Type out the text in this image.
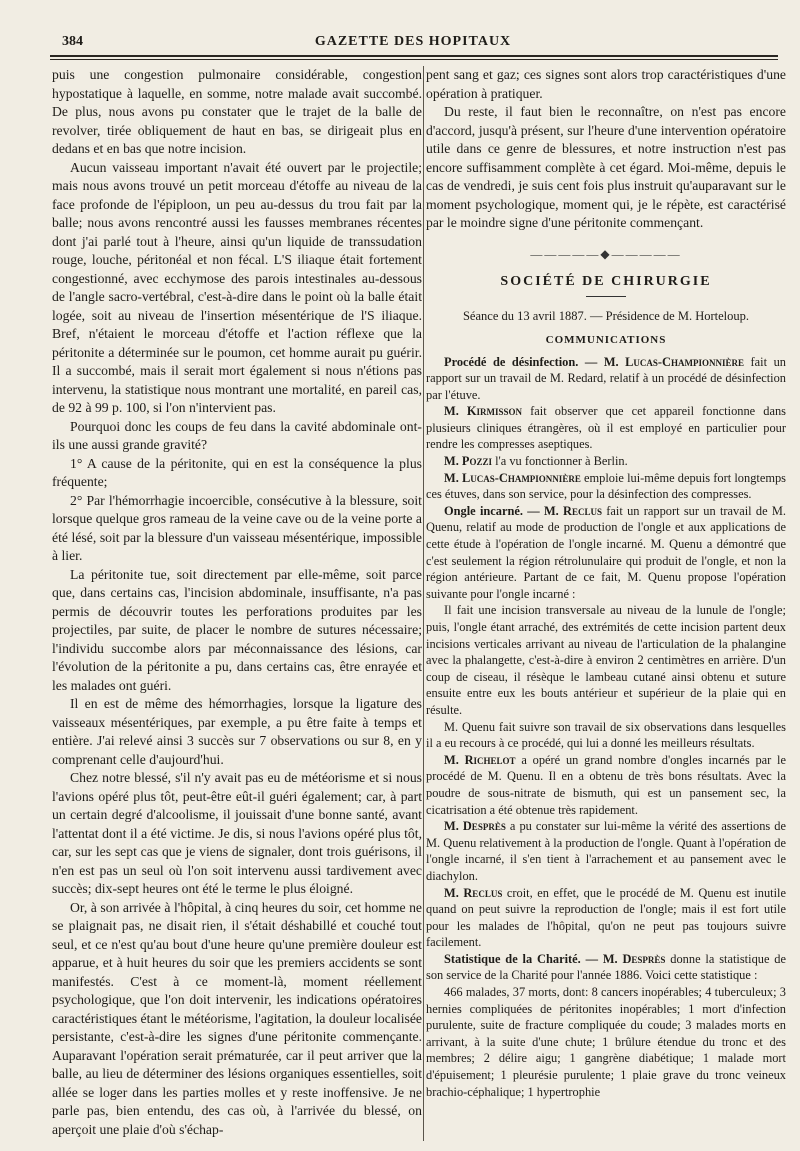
384	GAZETTE DES HOPITAUX

puis une congestion pulmonaire considérable, congestion hypostatique à laquelle, en somme, notre malade avait succombé. De plus, nous avons pu constater que le trajet de la balle de revolver, tirée obliquement de haut en bas, se dirigeait plus en dedans et en bas que notre incision.

Aucun vaisseau important n'avait été ouvert par le projectile; mais nous avons trouvé un petit morceau d'étoffe au niveau de la face profonde de l'épiploon, un peu au-dessus du trou fait par la balle; nous avons rencontré aussi les fausses membranes récentes dont j'ai parlé tout à l'heure, ainsi qu'un liquide de transsudation rouge, louche, péritonéal et non fécal. L'S iliaque était fortement congestionné, avec ecchymose des parois intestinales au-dessous de l'angle sacro-vertébral, c'est-à-dire dans le point où la balle était logée, soit au niveau de l'insertion mésentérique de l'S iliaque. Bref, n'étaient le morceau d'étoffe et l'action réflexe que la péritonite a déterminée sur le poumon, cet homme aurait pu guérir. Il a succombé, mais il serait mort également si nous n'étions pas intervenu, la statistique nous montrant une mortalité, en pareil cas, de 92 à 99 p. 100, si l'on n'intervient pas.

Pourquoi donc les coups de feu dans la cavité abdominale ont-ils une aussi grande gravité?

1° A cause de la péritonite, qui en est la conséquence la plus fréquente;

2° Par l'hémorrhagie incoercible, consécutive à la blessure, soit lorsque quelque gros rameau de la veine cave ou de la veine porte a été lésé, soit par la blessure d'un vaisseau mésentérique, impossible à lier.

La péritonite tue, soit directement par elle-même, soit parce que, dans certains cas, l'incision abdominale, insuffisante, n'a pas permis de découvrir toutes les perforations produites par les projectiles, par suite, de placer le nombre de sutures nécessaire; l'individu succombe alors par méconnaissance des lésions, car l'évolution de la péritonite a pu, dans certains cas, être enrayée et les malades ont guéri.

Il en est de même des hémorrhagies, lorsque la ligature des vaisseaux mésentériques, par exemple, a pu être faite à temps et entière. J'ai relevé ainsi 3 succès sur 7 observations ou sur 8, en y comprenant celle d'aujourd'hui.

Chez notre blessé, s'il n'y avait pas eu de météorisme et si nous l'avions opéré plus tôt, peut-être eût-il guéri également; car, à part un certain degré d'alcoolisme, il jouissait d'une bonne santé, avant l'attentat dont il a été victime. Je dis, si nous l'avions opéré plus tôt, car, sur les sept cas que je viens de signaler, dont trois guérisons, il n'en est pas un seul où l'on soit intervenu aussi tardivement avec succès; dix-sept heures ont été le terme le plus éloigné.

Or, à son arrivée à l'hôpital, à cinq heures du soir, cet homme ne se plaignait pas, ne disait rien, il s'était déshabillé et couché tout seul, et ce n'est qu'au bout d'une heure qu'une première douleur est apparue, et à huit heures du soir que les premiers accidents se sont manifestés. C'est à ce moment-là, moment réellement psychologique, que l'on doit intervenir, les indications opératoires caractéristiques étant le météorisme, l'agitation, la douleur localisée persistante, c'est-à-dire les signes d'une péritonite commençante. Auparavant l'opération serait prématurée, car il peut arriver que la balle, au lieu de déterminer des lésions organiques essentielles, soit allée se loger dans les parties molles et y reste inoffensive. Je ne parle pas, bien entendu, des cas où, à l'arrivée du blessé, on aperçoit une plaie d'où s'échap-

pent sang et gaz; ces signes sont alors trop caractéristiques d'une opération à pratiquer.

Du reste, il faut bien le reconnaître, on n'est pas encore d'accord, jusqu'à présent, sur l'heure d'une intervention opératoire utile dans ce genre de blessures, et notre instruction n'est pas encore suffisamment complète à cet égard. Moi-même, depuis le cas de vendredi, je suis cent fois plus instruit qu'auparavant sur le moment psychologique, moment qui, je le répète, est caractérisé par le moindre signe d'une péritonite commençant.

—————◆—————
SOCIÉTÉ DE CHIRURGIE
Séance du 13 avril 1887. — Présidence de M. Horteloup.
COMMUNICATIONS

Procédé de désinfection. — M. Lucas-Championnière fait un rapport sur un travail de M. Redard, relatif à un procédé de désinfection par l'étuve.

M. Kirmisson fait observer que cet appareil fonctionne dans plusieurs cliniques étrangères, où il est employé en particulier pour rendre les compresses aseptiques.

M. Pozzi l'a vu fonctionner à Berlin.

M. Lucas-Championnière emploie lui-même depuis fort longtemps ces étuves, dans son service, pour la désinfection des compresses.

Ongle incarné. — M. Reclus fait un rapport sur un travail de M. Quenu, relatif au mode de production de l'ongle et aux applications de cette étude à l'opération de l'ongle incarné. M. Quenu a démontré que c'est seulement la région rétrolunulaire qui produit de l'ongle, et non la région antérieure. Partant de ce fait, M. Quenu propose l'opération suivante pour l'ongle incarné :

Il fait une incision transversale au niveau de la lunule de l'ongle; puis, l'ongle étant arraché, des extrémités de cette incision partent deux incisions verticales arrivant au niveau de l'articulation de la phalangine avec la phalangette, c'est-à-dire à environ 2 centimètres en arrière. D'un coup de ciseau, il résèque le lambeau cutané ainsi obtenu et suture ensuite entre eux les bouts antérieur et supérieur de la plaie qui en résulte.

M. Quenu fait suivre son travail de six observations dans lesquelles il a eu recours à ce procédé, qui lui a donné les meilleurs résultats.

M. Richelot a opéré un grand nombre d'ongles incarnés par le procédé de M. Quenu. Il en a obtenu de très bons résultats. Avec la poudre de sous-nitrate de bismuth, qui est un pansement sec, la cicatrisation a été obtenue très rapidement.

M. Desprès a pu constater sur lui-même la vérité des assertions de M. Quenu relativement à la production de l'ongle. Quant à l'opération de l'ongle incarné, il s'en tient à l'arrachement et au pansement avec le diachylon.

M. Reclus croit, en effet, que le procédé de M. Quenu est inutile quand on peut suivre la reproduction de l'ongle; mais il est fort utile pour les malades de l'hôpital, qu'on ne peut pas toujours suivre facilement.

Statistique de la Charité. — M. Desprès donne la statistique de son service de la Charité pour l'année 1886. Voici cette statistique :

466 malades, 37 morts, dont: 8 cancers inopérables; 4 tuberculeux; 3 hernies compliquées de péritonites inopérables; 1 mort d'infection purulente, suite de fracture compliquée du coude; 3 malades morts en arrivant, à la suite d'une chute; 1 brûlure étendue du tronc et des membres; 2 délire aigu; 1 gangrène diabétique; 1 malade mort d'épuisement; 1 pleurésie purulente; 1 plaie grave du tronc veineux brachio-céphalique; 1 hypertrophie
